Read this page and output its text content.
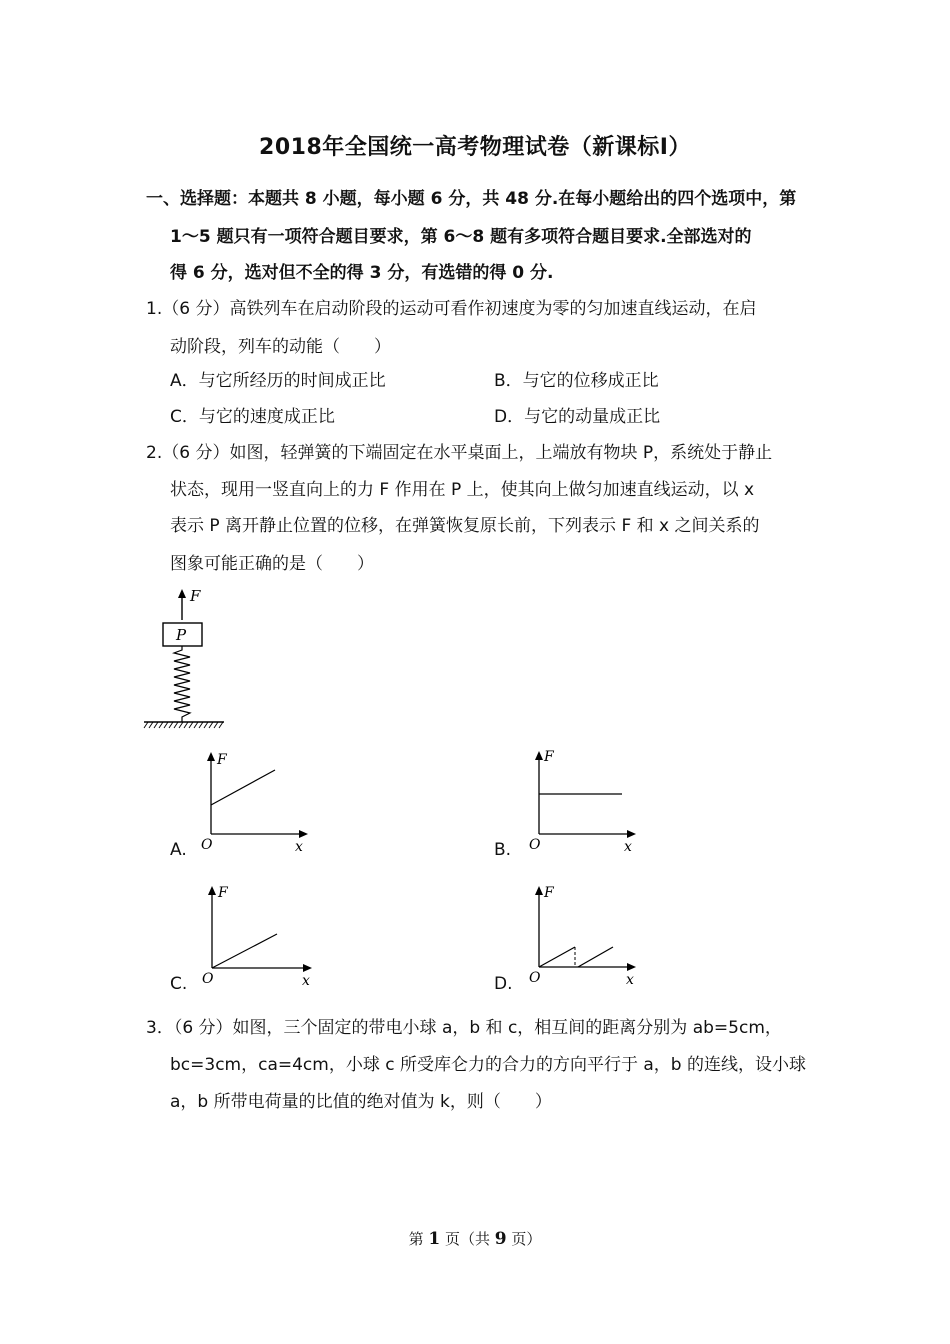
2018年全国统一高考物理试卷（新课标Ⅰ）
一、选择题：本题共 8 小题，每小题 6 分，共 48 分.在每小题给出的四个选项中，第
1～5 题只有一项符合题目要求，第 6～8 题有多项符合题目要求.全部选对的
得 6 分，选对但不全的得 3 分，有选错的得 0 分.
1.（6 分）高铁列车在启动阶段的运动可看作初速度为零的匀加速直线运动，在启
动阶段，列车的动能（　　）
A．与它所经历的时间成正比	B．与它的位移成正比
C．与它的速度成正比	D．与它的动量成正比
2.（6 分）如图，轻弹簧的下端固定在水平桌面上，上端放有物块 P，系统处于静止
状态，现用一竖直向上的力 F 作用在 P 上，使其向上做匀加速直线运动，以 x
表示 P 离开静止位置的位移，在弹簧恢复原长前，下列表示 F 和 x 之间关系的
图象可能正确的是（　　）
F
P
A.
F
x
O	B.
F
x
O
C.
F
x
O	D.
F
x
O
3．（6 分）如图，三个固定的带电小球 a，b 和 c，相互间的距离分别为 ab=5cm，
bc=3cm，ca=4cm，小球 c 所受库仑力的合力的方向平行于 a，b 的连线，设小球
a，b 所带电荷量的比值的绝对值为 k，则（　　）
第 1 页（共 9 页）
